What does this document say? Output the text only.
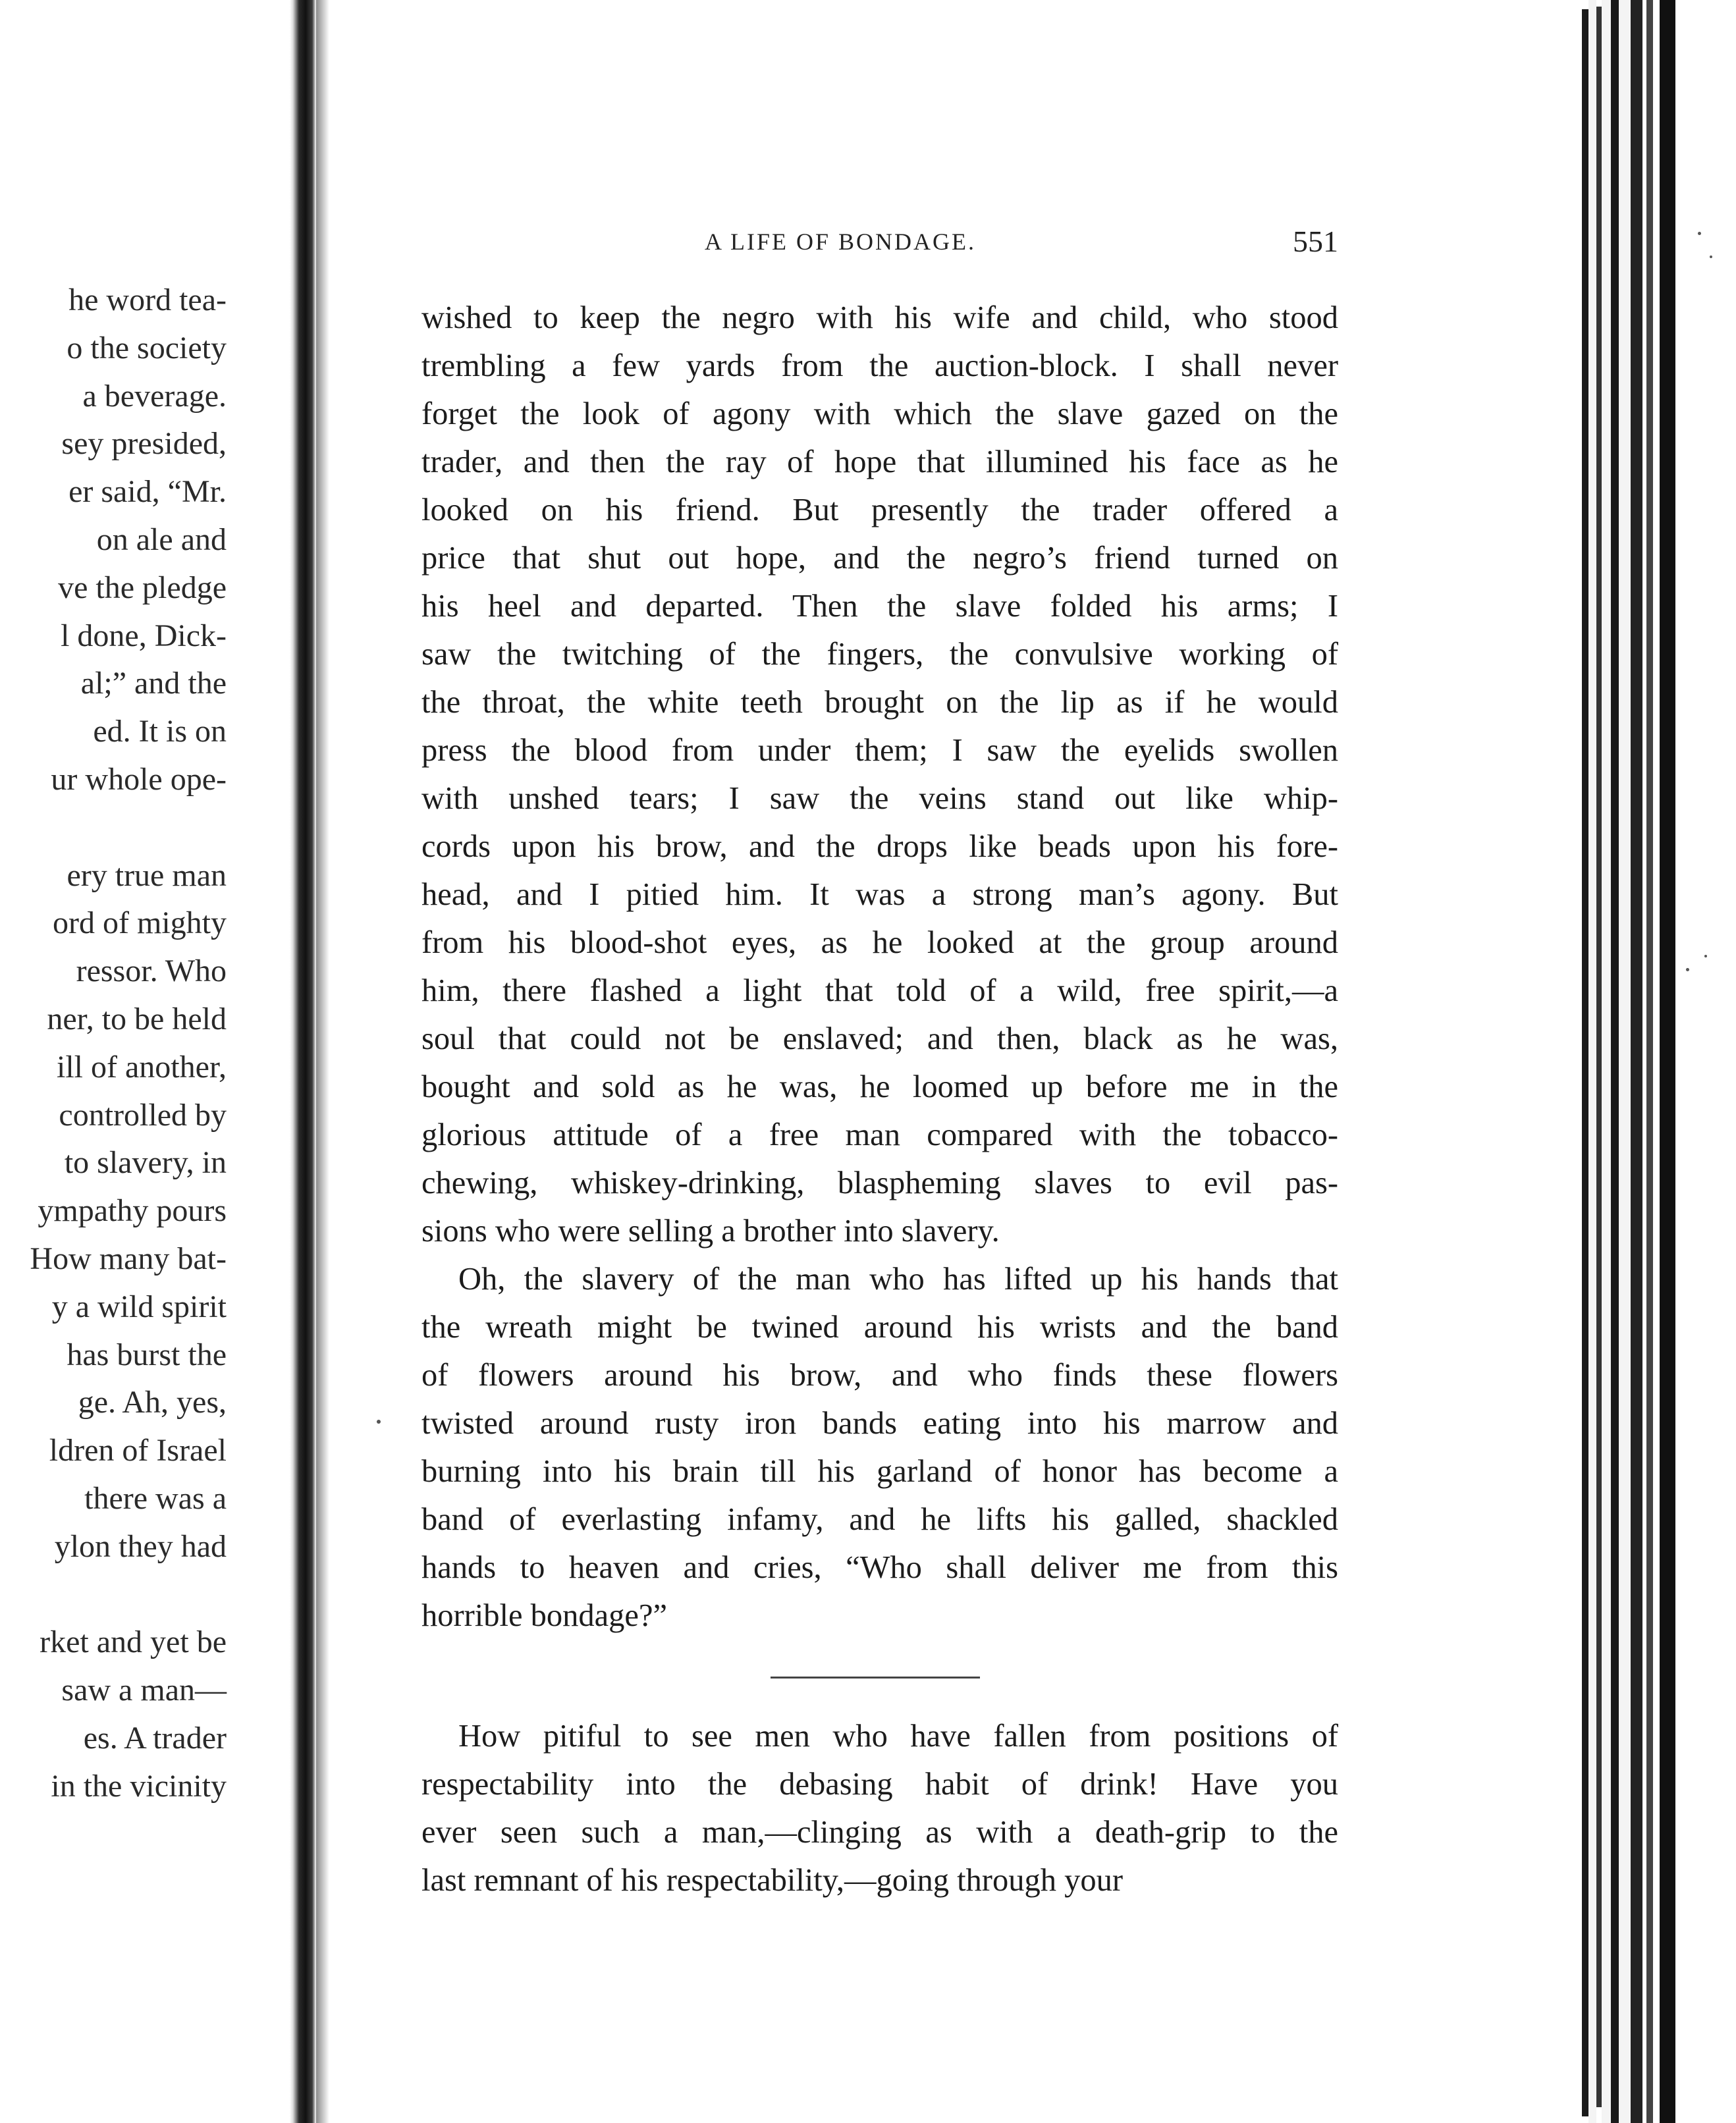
he word tea-
o the society
a beverage.
sey presided,
er said, “Mr.
on ale and
ve the pledge
l done, Dick-
al;” and the
ed. It is on
ur whole ope-
ery true man
ord of mighty
ressor. Who
ner, to be held
ill of another,
controlled by
to slavery, in
ympathy pours
How many bat-
y a wild spirit
has burst the
ge. Ah, yes,
ldren of Israel
there was a
ylon they had
rket and yet be
saw a man—
es. A trader
in the vicinity
A LIFE OF BONDAGE.	551
wished to keep the negro with his wife and child, who stood
trembling a few yards from the auction-block. I shall never
forget the look of agony with which the slave gazed on the
trader, and then the ray of hope that illumined his face as he
looked on his friend. But presently the trader offered a
price that shut out hope, and the negro’s friend turned on
his heel and departed. Then the slave folded his arms; I
saw the twitching of the fingers, the convulsive working of
the throat, the white teeth brought on the lip as if he would
press the blood from under them; I saw the eyelids swollen
with unshed tears; I saw the veins stand out like whip-
cords upon his brow, and the drops like beads upon his fore-
head, and I pitied him. It was a strong man’s agony. But
from his blood-shot eyes, as he looked at the group around
him, there flashed a light that told of a wild, free spirit,—a
soul that could not be enslaved; and then, black as he was,
bought and sold as he was, he loomed up before me in the
glorious attitude of a free man compared with the tobacco-
chewing, whiskey-drinking, blaspheming slaves to evil pas-
sions who were selling a brother into slavery.
Oh, the slavery of the man who has lifted up his hands that
the wreath might be twined around his wrists and the band
of flowers around his brow, and who finds these flowers
twisted around rusty iron bands eating into his marrow and
burning into his brain till his garland of honor has become a
band of everlasting infamy, and he lifts his galled, shackled
hands to heaven and cries, “Who shall deliver me from this
horrible bondage?”
How pitiful to see men who have fallen from positions of
respectability into the debasing habit of drink! Have you
ever seen such a man,—clinging as with a death-grip to the
last remnant of his respectability,—going through your
